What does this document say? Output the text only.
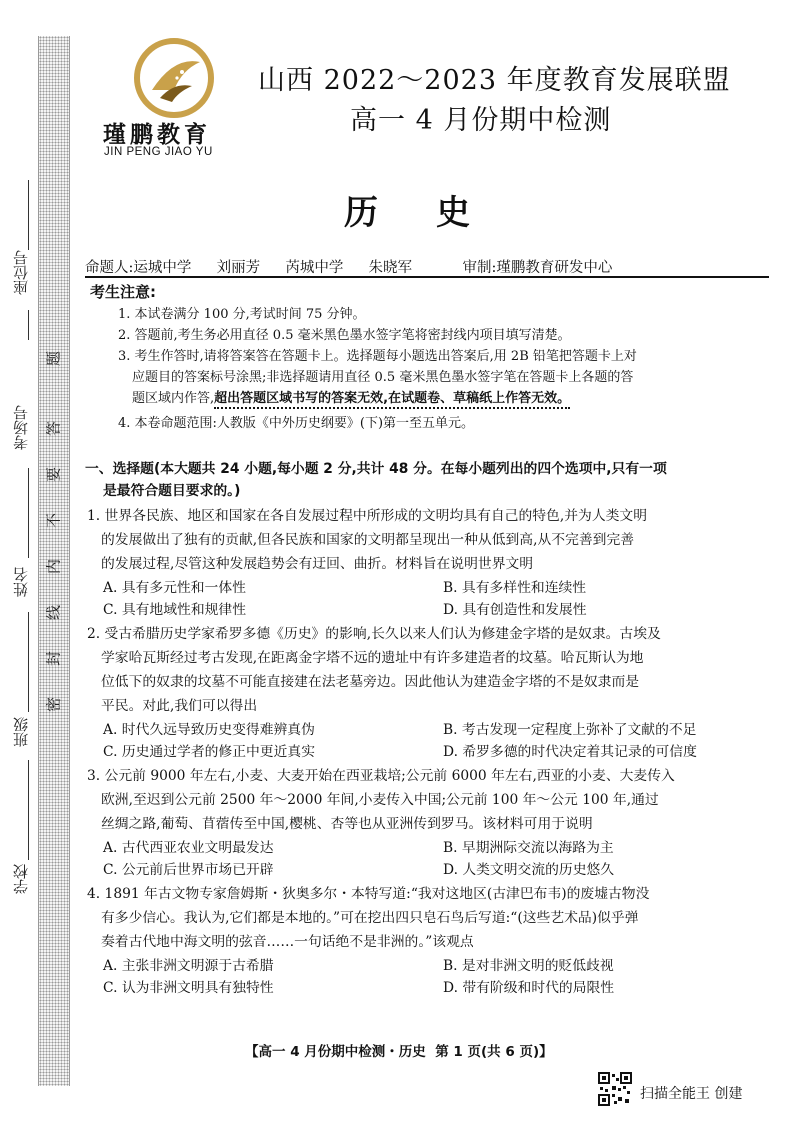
座位号
考场号
姓名
班级
学校
题
答
要
不
内
线
封
密
瑾鹏教育
JIN PENG JIAO YU
山西 2022～2023 年度教育发展联盟
高一 4 月份期中检测
历史
命题人:运城中学  刘丽芳  芮城中学  朱晓军    审制:瑾鹏教育研发中心
考生注意:
1. 本试卷满分 100 分,考试时间 75 分钟。
2. 答题前,考生务必用直径 0.5 毫米黑色墨水签字笔将密封线内项目填写清楚。
3. 考生作答时,请将答案答在答题卡上。选择题每小题选出答案后,用 2B 铅笔把答题卡上对
应题目的答案标号涂黑;非选择题请用直径 0.5 毫米黑色墨水签字笔在答题卡上各题的答
题区域内作答,超出答题区域书写的答案无效,在试题卷、草稿纸上作答无效。
4. 本卷命题范围:人教版《中外历史纲要》(下)第一至五单元。
一、选择题(本大题共 24 小题,每小题 2 分,共计 48 分。在每小题列出的四个选项中,只有一项
是最符合题目要求的。)
1. 世界各民族、地区和国家在各自发展过程中所形成的文明均具有自己的特色,并为人类文明
的发展做出了独有的贡献,但各民族和国家的文明都呈现出一种从低到高,从不完善到完善
的发展过程,尽管这种发展趋势会有迂回、曲折。材料旨在说明世界文明
A. 具有多元性和一体性	B. 具有多样性和连续性
C. 具有地域性和规律性	D. 具有创造性和发展性
2. 受古希腊历史学家希罗多德《历史》的影响,长久以来人们认为修建金字塔的是奴隶。古埃及
学家哈瓦斯经过考古发现,在距离金字塔不远的遗址中有许多建造者的坟墓。哈瓦斯认为地
位低下的奴隶的坟墓不可能直接建在法老墓旁边。因此他认为建造金字塔的不是奴隶而是
平民。对此,我们可以得出
A. 时代久远导致历史变得难辨真伪	B. 考古发现一定程度上弥补了文献的不足
C. 历史通过学者的修正中更近真实	D. 希罗多德的时代决定着其记录的可信度
3. 公元前 9000 年左右,小麦、大麦开始在西亚栽培;公元前 6000 年左右,西亚的小麦、大麦传入
欧洲,至迟到公元前 2500 年～2000 年间,小麦传入中国;公元前 100 年～公元 100 年,通过
丝绸之路,葡萄、苜蓿传至中国,樱桃、杏等也从亚洲传到罗马。该材料可用于说明
A. 古代西亚农业文明最发达	B. 早期洲际交流以海路为主
C. 公元前后世界市场已开辟	D. 人类文明交流的历史悠久
4. 1891 年古文物专家詹姆斯・狄奥多尔・本特写道:“我对这地区(古津巴布韦)的废墟古物没
有多少信心。我认为,它们都是本地的。”可在挖出四只皂石鸟后写道:“(这些艺术品)似乎弹
奏着古代地中海文明的弦音……一句话绝不是非洲的。”该观点
A. 主张非洲文明源于古希腊	B. 是对非洲文明的贬低歧视
C. 认为非洲文明具有独特性	D. 带有阶级和时代的局限性
【高一 4 月份期中检测・历史  第 1 页(共 6 页)】
扫描全能王 创建
